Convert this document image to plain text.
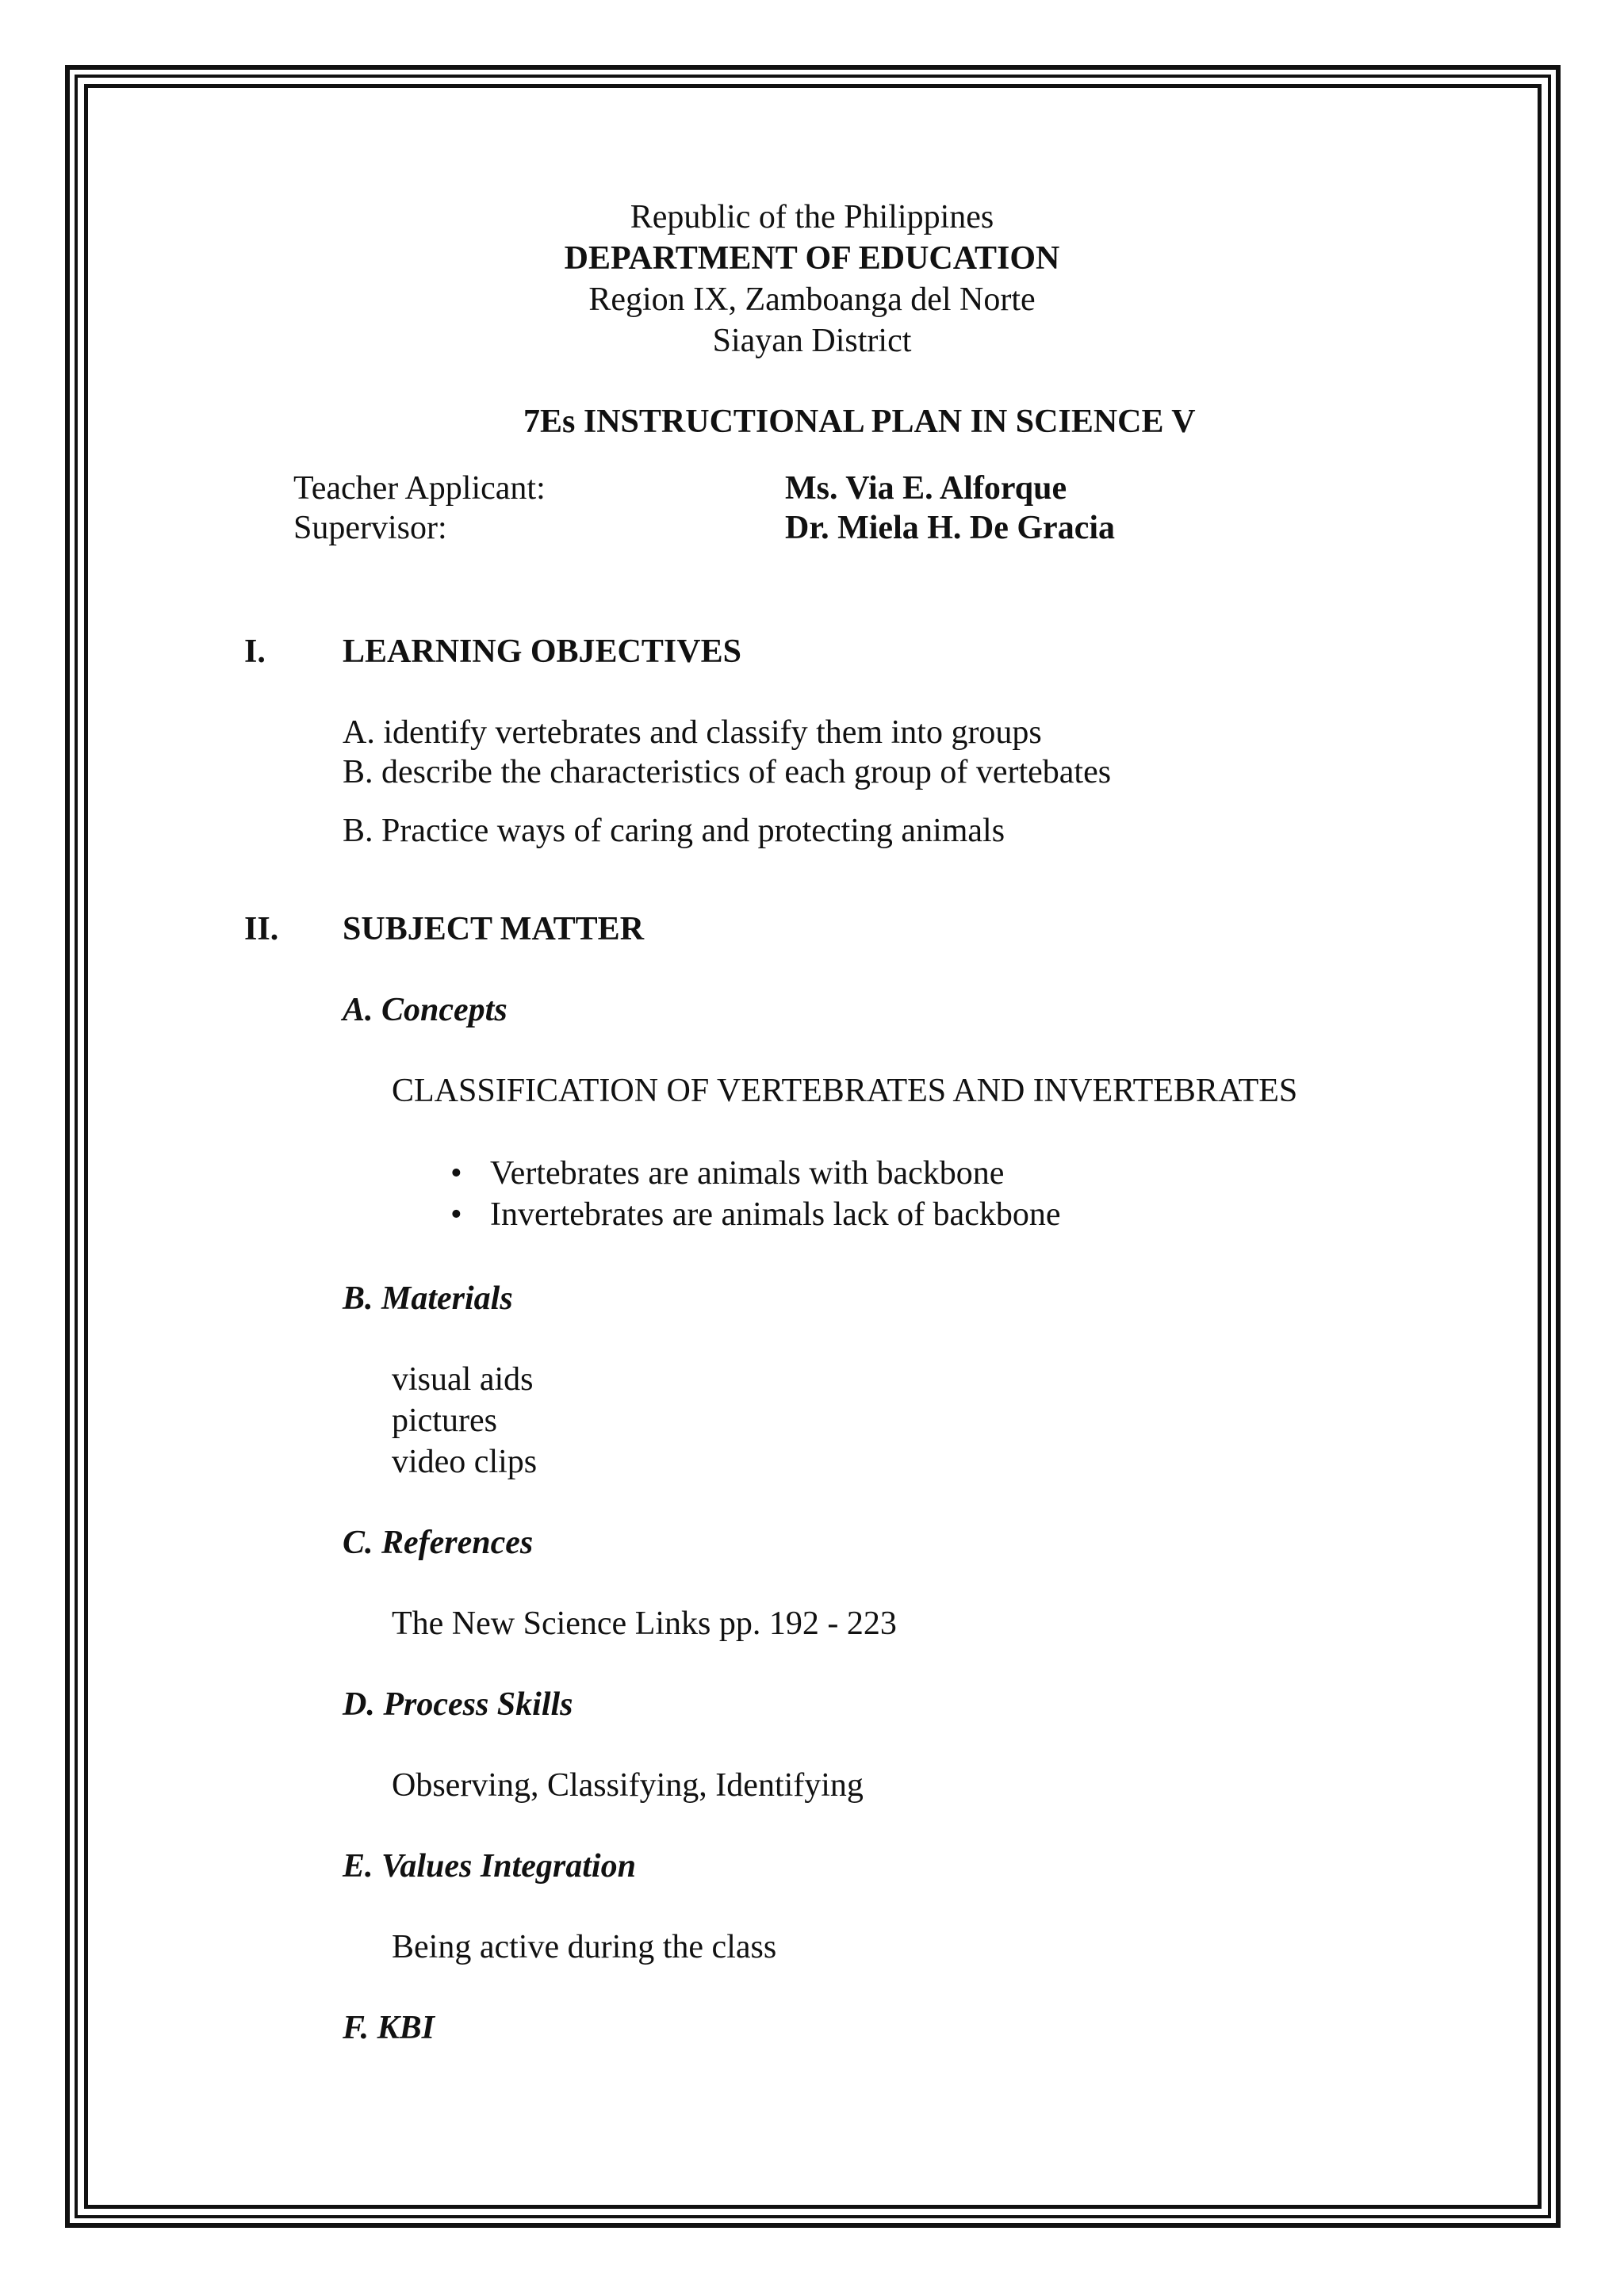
Republic of the Philippines
DEPARTMENT OF EDUCATION
Region IX, Zamboanga del Norte
Siayan District
7Es INSTRUCTIONAL PLAN IN SCIENCE V
Teacher Applicant:	Ms. Via E. Alforque
Supervisor:	Dr. Miela H. De Gracia
I. LEARNING OBJECTIVES
A. identify vertebrates and classify them into groups
B. describe the characteristics of each group of vertebates
B. Practice ways of caring and protecting animals
II. SUBJECT MATTER
A. Concepts
CLASSIFICATION OF VERTEBRATES AND INVERTEBRATES
• Vertebrates are animals with backbone
• Invertebrates are animals lack of backbone
B. Materials
visual aids
pictures
video clips
C. References
The New Science Links pp. 192 - 223
D. Process Skills
Observing, Classifying, Identifying
E. Values Integration
Being active during the class
F. KBI
